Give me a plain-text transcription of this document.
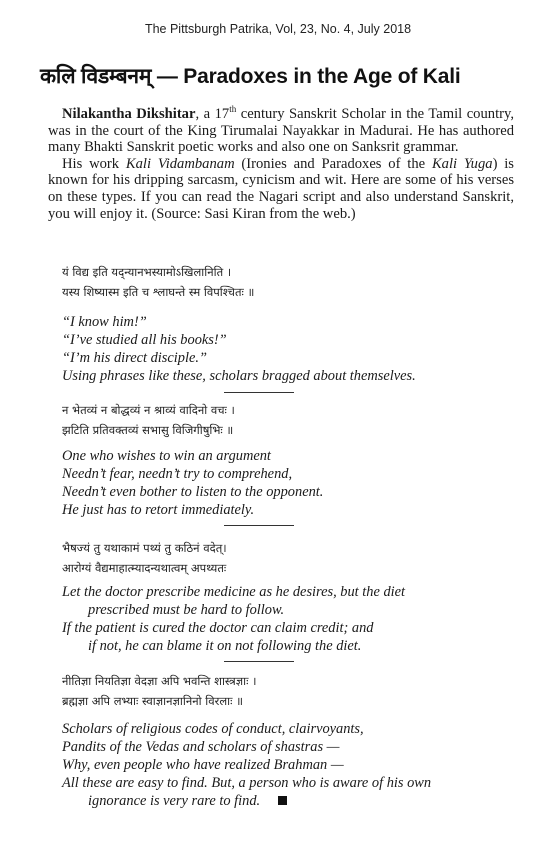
The Pittsburgh Patrika, Vol, 23, No. 4, July 2018
कलि विडम्बनम् — Paradoxes in the Age of Kali

Nilakantha Dikshitar, a 17th century Sanskrit Scholar in the Tamil country, was in the court of the King Tirumalai Nayakkar in Madurai. He has authored many Bhakti Sanskrit poetic works and also one on Sanksrit grammar.

His work Kali Vidambanam (Ironies and Paradoxes of the Kali Yuga) is known for his dripping sarcasm, cynicism and wit. Here are some of his verses on these types. If you can read the Nagari script and also understand Sanskrit, you will enjoy it. (Source: Sasi Kiran from the web.)

यं विद्य इति यद्न्यानभस्यामोऽखिलानिति ।
यस्य शिष्यास्म इति च श्लाघन्ते स्म विपश्चितः ॥
“I know him!”
“I’ve studied all his books!”
“I’m his direct disciple.”
Using phrases like these, scholars bragged about themselves.
न भेतव्यं न बोद्धव्यं न श्राव्यं वादिनो वचः ।
झटिति प्रतिवक्तव्यं सभासु विजिगीषुभिः ॥
One who wishes to win an argument
Needn’t fear, needn’t try to comprehend,
Needn’t even bother to listen to the opponent.
He just has to retort immediately.
भैषज्यं तु यथाकामं पथ्यं तु कठिनं वदेत्।
आरोग्यं वैद्यमाहात्म्यादन्यथात्वम् अपथ्यतः
Let the doctor prescribe medicine as he desires, but the diet
prescribed must be hard to follow.
If the patient is cured the doctor can claim credit; and
if not, he can blame it on not following the diet.
नीतिज्ञा नियतिज्ञा वेदज्ञा अपि भवन्ति शास्त्रज्ञाः ।
ब्रह्मज्ञा अपि लभ्याः स्वाज्ञानज्ञानिनो विरलाः ॥
Scholars of religious codes of conduct, clairvoyants,
Pandits of the Vedas and scholars of shastras —
Why, even people who have realized Brahman —
All these are easy to find. But, a person who is aware of his own
ignorance is very rare to find.
